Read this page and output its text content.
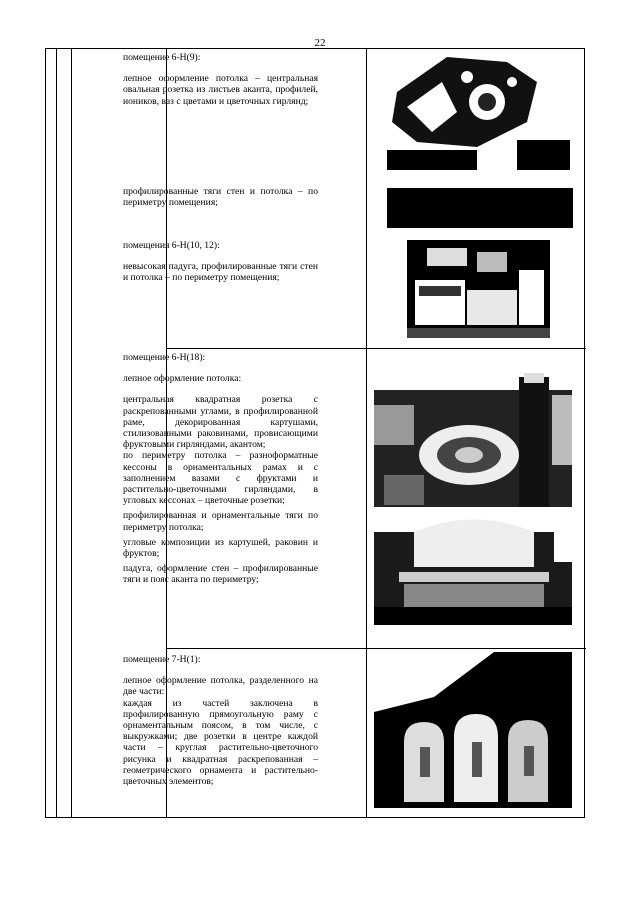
22

помещение 6-Н(9):

лепное оформление потолка – центральная овальная розетка из листьев аканта, профилей, иоников, ваз с цветами и цветочных гирлянд;

профилированные тяги стен и потолка – по периметру помещения;

помещения 6-Н(10, 12):

невысокая падуга, профилированные тяги стен и потолка – по периметру помещения;

помещение 6-Н(18):

лепное оформление потолка:

центральная квадратная розетка с раскрепованными углами, в профилированной раме, декорированная картушами, стилизованными раковинами, провисающими фруктовыми гирляндами, акантом;

по периметру потолка – разноформатные кессоны в орнаментальных рамах и с заполнением вазами с фруктами и растительно-цветочными гирляндами, в угловых кессонах – цветочные розетки;

профилированная и орнаментальные тяги по периметру потолка;

угловые композиции из картушей, раковин и фруктов;

падуга, оформление стен – профилированные тяги и пояс аканта по периметру;

помещение 7-Н(1):

лепное оформление потолка, разделенного на две части:

каждая из частей заключена в профилированную прямоугольную раму с орнаментальным поясом, в том числе, с выкружками; две розетки в центре каждой части – круглая растительно-цветочного рисунка и квадратная раскрепованная – геометрического орнамента и растительно-цветочных элементов;
